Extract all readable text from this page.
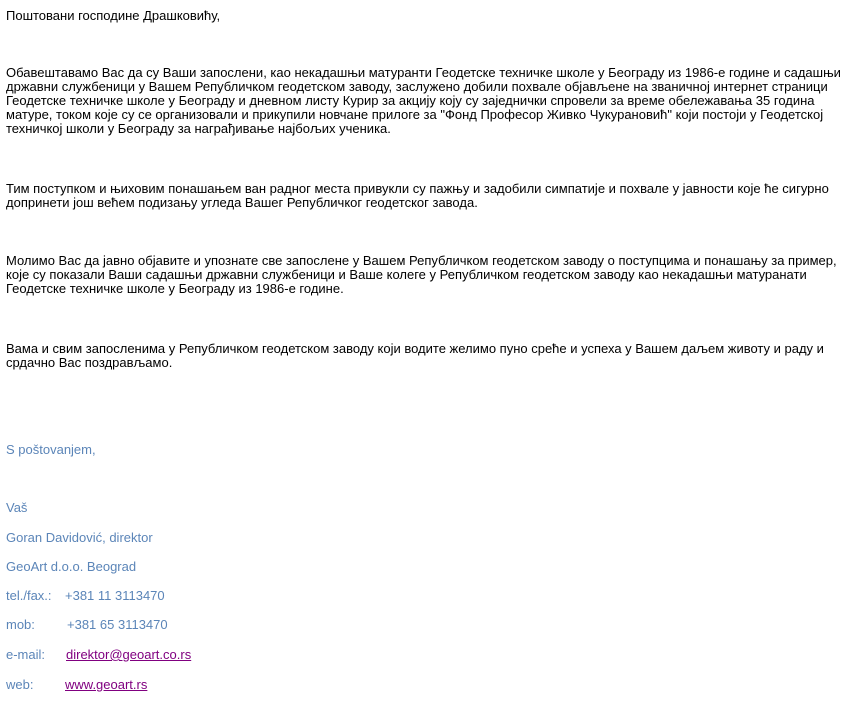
Поштовани господине Драшковићу,

Обавештавамо Вас да су Ваши запослени, као некадашњи матуранти Геодетске техничке школе у Београду из 1986-е године и садашњи државни службеници у Вашем Републичком геодетском заводу, заслужено добили похвале објављене на званичној интернет страници Геодетске техничке школе у Београду и дневном листу Курир за акцију коју су заједнички спровели за време обележавања 35 година матуре, током које су се организовали и прикупили новчане прилоге за "Фонд Професор Живко Чукурановић" који постоји у Геодетској техничкој школи у Београду за награђивање најбољих ученика.

Тим поступком и њиховим понашањем ван радног места привукли су пажњу и задобили симпатије и похвале у јавности које ће сигурно допринети још већем подизању угледа Вашег Републичког геодетског завода.

Молимо Вас да јавно објавите и упознате све запослене у Вашем Републичком геодетском заводу о поступцима и понашању за пример, које су показали Ваши садашњи државни службеници и Ваше колеге у Републичком геодетском заводу као некадашњи матуранати Геодетске техничке школе у Београду из 1986-е године.

Вама и свим запосленима у Републичком геодетском заводу који водите желимо пуно среће и успеха у Вашем даљем животу и раду и срдачно Вас поздрављамо.

S poštovanjem,
Vaš
Goran Davidović, direktor
GeoArt d.o.o. Beograd
tel./fax.: +381 11 3113470
mob: +381 65 3113470
e-mail: direktor@geoart.co.rs
web: www.geoart.rs
